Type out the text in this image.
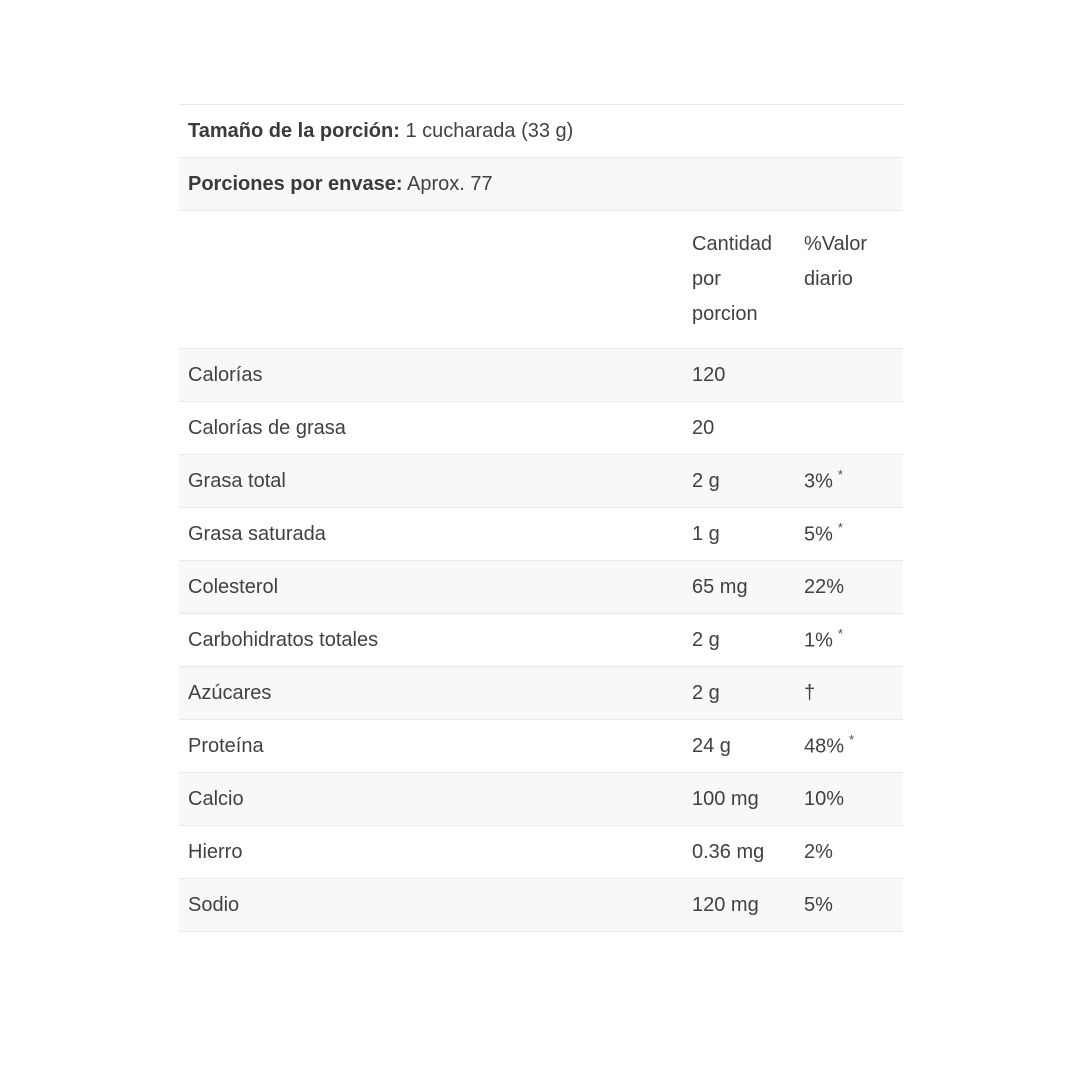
Tamaño de la porción: 1 cucharada (33 g)		
Porciones por envase: Aprox. 77		
	Cantidad por porcion	%Valor diario
Calorías	120	
Calorías de grasa	20	
Grasa total	2 g	3% *
Grasa saturada	1 g	5% *
Colesterol	65 mg	22%
Carbohidratos totales	2 g	1% *
Azúcares	2 g	†
Proteína	24 g	48% *
Calcio	100 mg	10%
Hierro	0.36 mg	2%
Sodio	120 mg	5%
